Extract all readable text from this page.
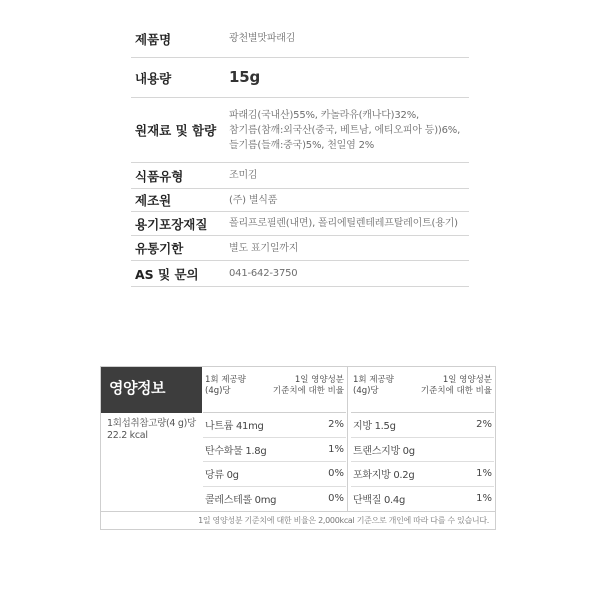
제품명	광천별맛파래김
내용량	15g
원재료 및 함량
파래김(국내산)55%, 카놀라유(캐나다)32%,
참기름(참깨:외국산(중국, 베트남, 에티오피아 등))6%,
들기름(들깨:중국)5%, 천일염 2%
식품유형	조미김
제조원	(주) 별식품
용기포장재질	폴리프로필렌(내면), 폴리에틸렌테레프탈레이트(용기)
유통기한	별도 표기일까지
AS 및 문의	041-642-3750
영양정보
1회섭취참고량(4 g)당
22.2 kcal
1회 제공량
(4g)당
1일 영양성분
기준치에 대한 비율
나트륨 41mg	2%
탄수화물 1.8g	1%
당류 0g	0%
콜레스테롤 0mg	0%
1회 제공량
(4g)당
1일 영양성분
기준치에 대한 비율
지방 1.5g	2%
트랜스지방 0g
포화지방 0.2g	1%
단백질 0.4g	1%
1일 영양성분 기준치에 대한 비율은 2,000kcal 기준으로 개인에 따라 다를 수 있습니다.
